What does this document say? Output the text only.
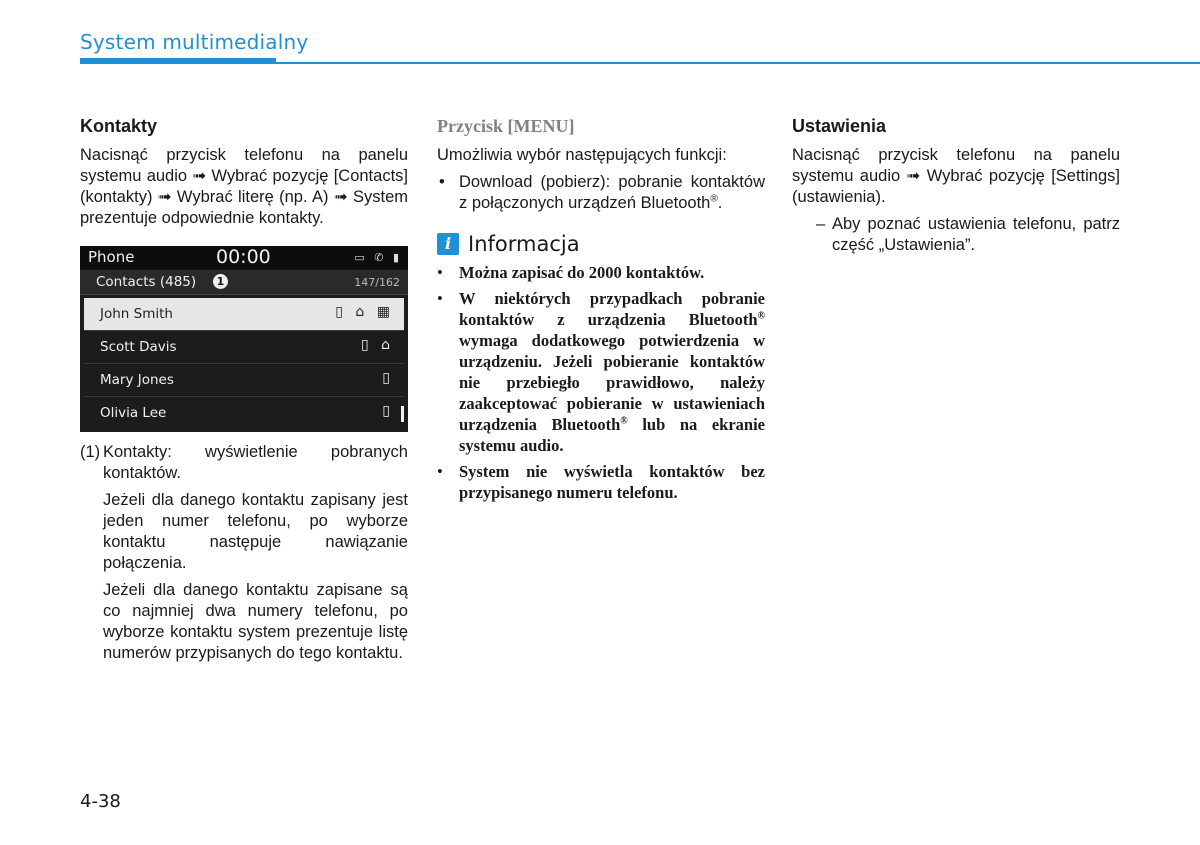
System multimedialny
Kontakty

Nacisnąć przycisk telefonu na panelu systemu audio ➟ Wybrać pozycję [Contacts] (kontakty) ➟ Wybrać literę (np. A) ➟ System prezentuje odpowiednie kontakty.

Phone	00:00	▭ ✆ ▮
Contacts (485)	1	147/162
John Smith	▯ ⌂ ▦
Scott Davis	▯ ⌂
Mary Jones	▯
Olivia Lee	▯
(1) Kontakty: wyświetlenie pobranych kontaktów.
Jeżeli dla danego kontaktu zapisany jest jeden numer telefonu, po wyborze kontaktu następuje nawiązanie połączenia.
Jeżeli dla danego kontaktu zapisane są co najmniej dwa numery telefonu, po wyborze kontaktu system prezentuje listę numerów przypisanych do tego kontaktu.
Przycisk [MENU]

Umożliwia wybór następujących funkcji:

• Download (pobierz): pobranie kontaktów z połączonych urządzeń Bluetooth®.
i Informacja
• Można zapisać do 2000 kontaktów.
• W niektórych przypadkach pobranie kontaktów z urządzenia Bluetooth® wymaga dodatkowego potwierdzenia w urządzeniu. Jeżeli pobieranie kontaktów nie przebiegło prawidłowo, należy zaakceptować pobieranie w ustawieniach urządzenia Bluetooth® lub na ekranie systemu audio.
• System nie wyświetla kontaktów bez przypisanego numeru telefonu.
Ustawienia

Nacisnąć przycisk telefonu na panelu systemu audio ➟ Wybrać pozycję [Settings] (ustawienia).

– Aby poznać ustawienia telefonu, patrz część „Ustawienia”.
4-38
